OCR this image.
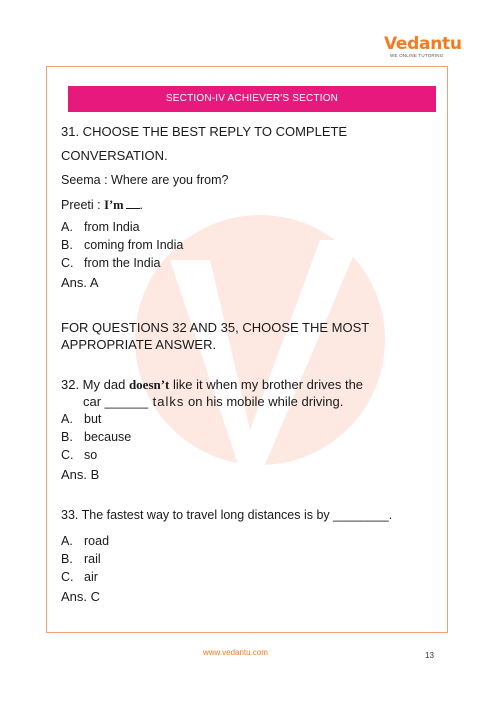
Vedantu
WE ONLINE TUTORING
SECTION-IV ACHIEVER'S SECTION
31. CHOOSE THE BEST REPLY TO COMPLETE
CONVERSATION.
Seema : Where are you from?
Preeti : I’m .
A. from India
B. coming from India
C. from the India
Ans. A
FOR QUESTIONS 32 AND 35, CHOOSE THE MOST
APPROPRIATE ANSWER.
32. My dad doesn’t like it when my brother drives the
car ______ talks on his mobile while driving.
A. but
B. because
C. so
Ans. B
33. The fastest way to travel long distances is by ________.
A. road
B. rail
C. air
Ans. C
www.vedantu.com	13
